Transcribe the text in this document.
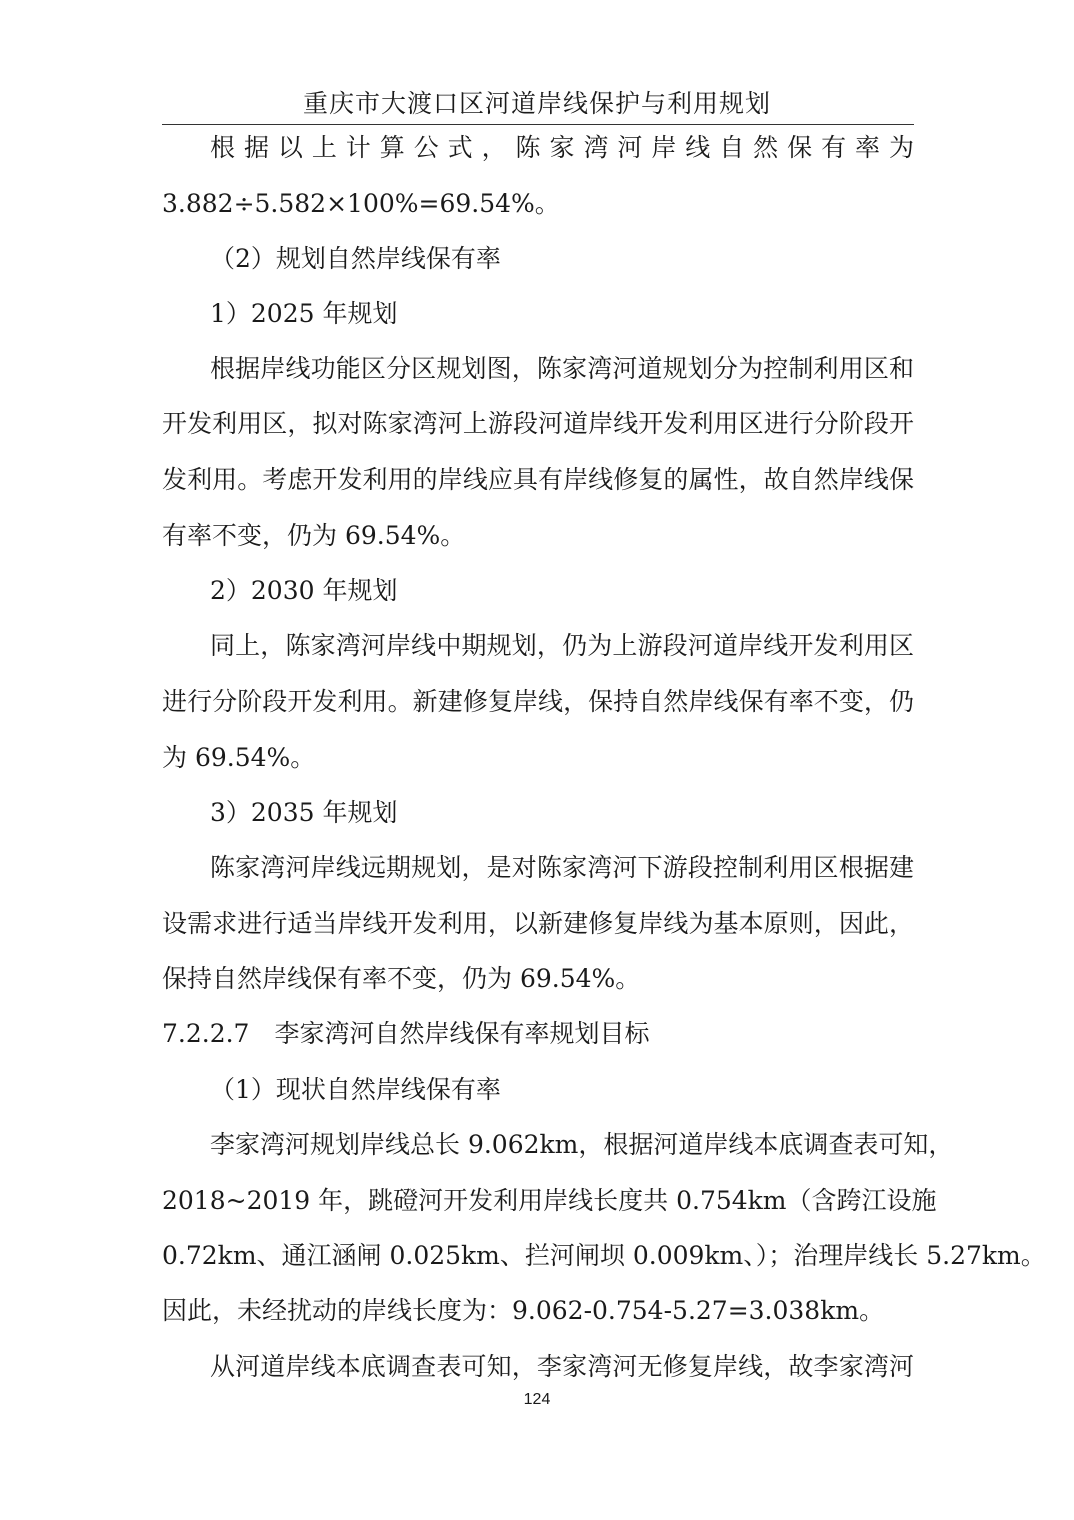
重庆市大渡口区河道岸线保护与利用规划
根 据 以 上 计 算 公 式 ， 陈 家 湾 河 岸 线 自 然 保 有 率 为
3.882÷5.582×100%=69.54%。
（2）规划自然岸线保有率
1）2025 年规划
根据岸线功能区分区规划图，陈家湾河道规划分为控制利用区和
开发利用区，拟对陈家湾河上游段河道岸线开发利用区进行分阶段开
发利用。考虑开发利用的岸线应具有岸线修复的属性，故自然岸线保
有率不变，仍为 69.54%。
2）2030 年规划
同上，陈家湾河岸线中期规划，仍为上游段河道岸线开发利用区
进行分阶段开发利用。新建修复岸线，保持自然岸线保有率不变，仍
为 69.54%。
3）2035 年规划
陈家湾河岸线远期规划，是对陈家湾河下游段控制利用区根据建
设需求进行适当岸线开发利用，以新建修复岸线为基本原则，因此，
保持自然岸线保有率不变，仍为 69.54%。
7.2.2.7　李家湾河自然岸线保有率规划目标
（1）现状自然岸线保有率
李家湾河规划岸线总长 9.062km，根据河道岸线本底调查表可知，
2018~2019 年，跳磴河开发利用岸线长度共 0.754km（含跨江设施
0.72km、通江涵闸 0.025km、拦河闸坝 0.009km、）；治理岸线长 5.27km。
因此，未经扰动的岸线长度为：9.062-0.754-5.27=3.038km。
从河道岸线本底调查表可知，李家湾河无修复岸线，故李家湾河
124
